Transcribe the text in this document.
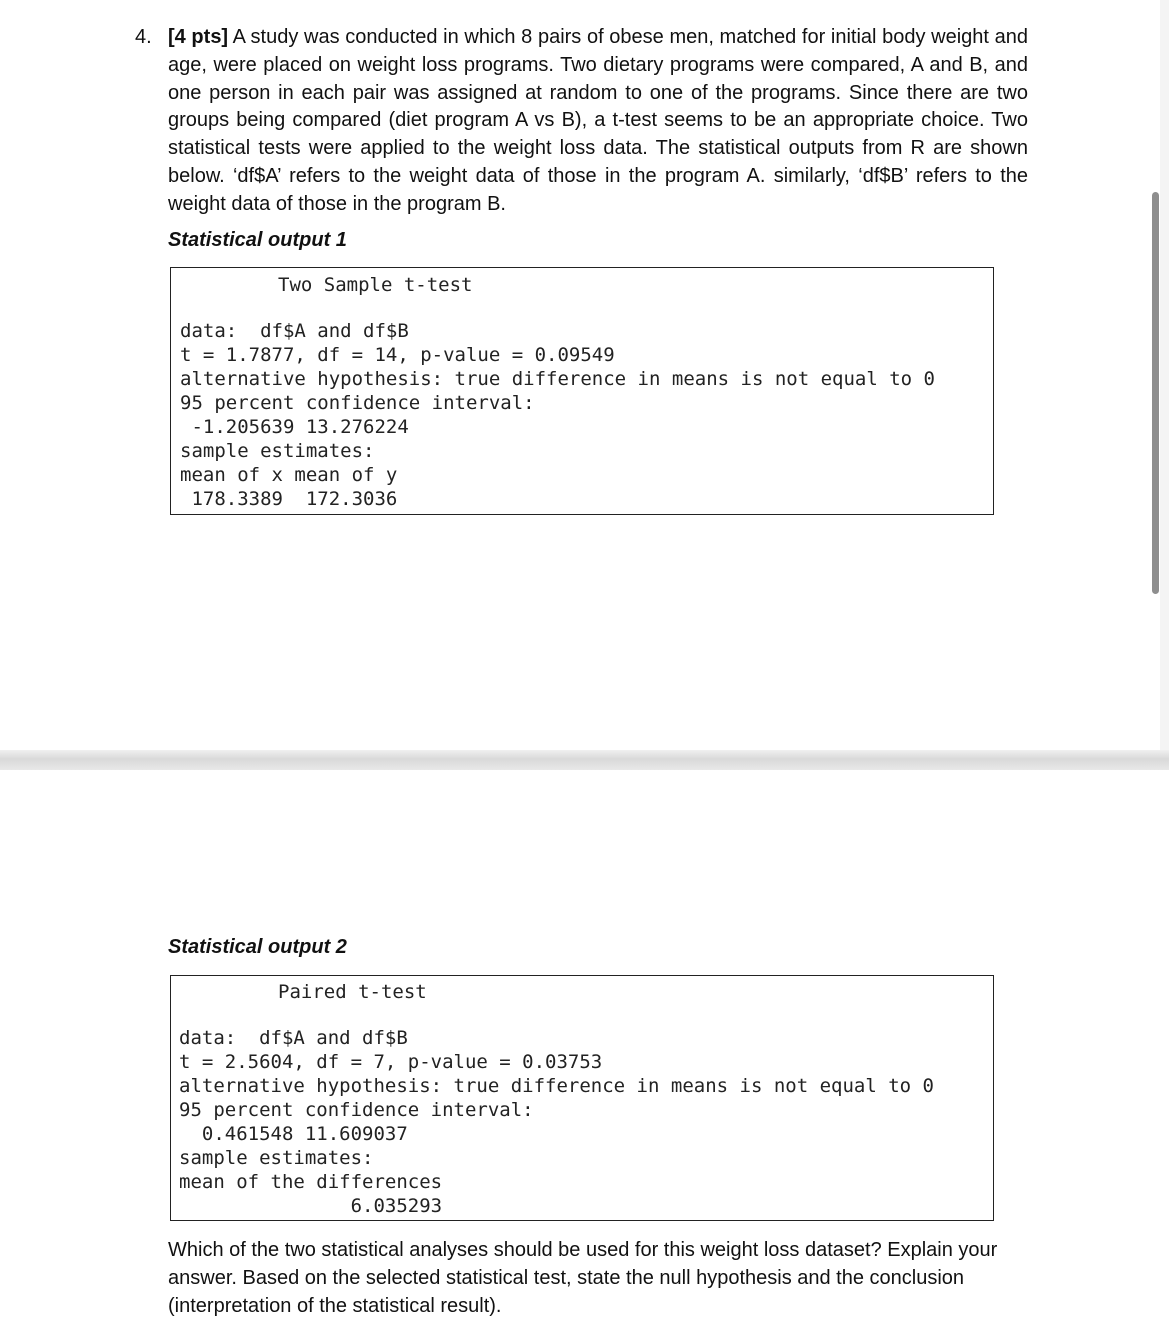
4. [4 pts] A study was conducted in which 8 pairs of obese men, matched for initial body weight and age, were placed on weight loss programs. Two dietary programs were compared, A and B, and one person in each pair was assigned at random to one of the programs. Since there are two groups being compared (diet program A vs B), a t-test seems to be an appropriate choice. Two statistical tests were applied to the weight loss data. The statistical outputs from R are shown below. ‘df$A’ refers to the weight data of those in the program A. similarly, ‘df$B’ refers to the weight data of those in the program B.
Statistical output 1
Two Sample t-test
data:  df$A and df$B
t = 1.7877, df = 14, p-value = 0.09549
alternative hypothesis: true difference in means is not equal to 0
95 percent confidence interval:
-1.205639 13.276224
sample estimates:
mean of x mean of y
178.3389  172.3036
Statistical output 2
Paired t-test
data:  df$A and df$B
t = 2.5604, df = 7, p-value = 0.03753
alternative hypothesis: true difference in means is not equal to 0
95 percent confidence interval:
0.461548 11.609037
sample estimates:
mean of the differences
6.035293
Which of the two statistical analyses should be used for this weight loss dataset? Explain your answer. Based on the selected statistical test, state the null hypothesis and the conclusion (interpretation of the statistical result).
